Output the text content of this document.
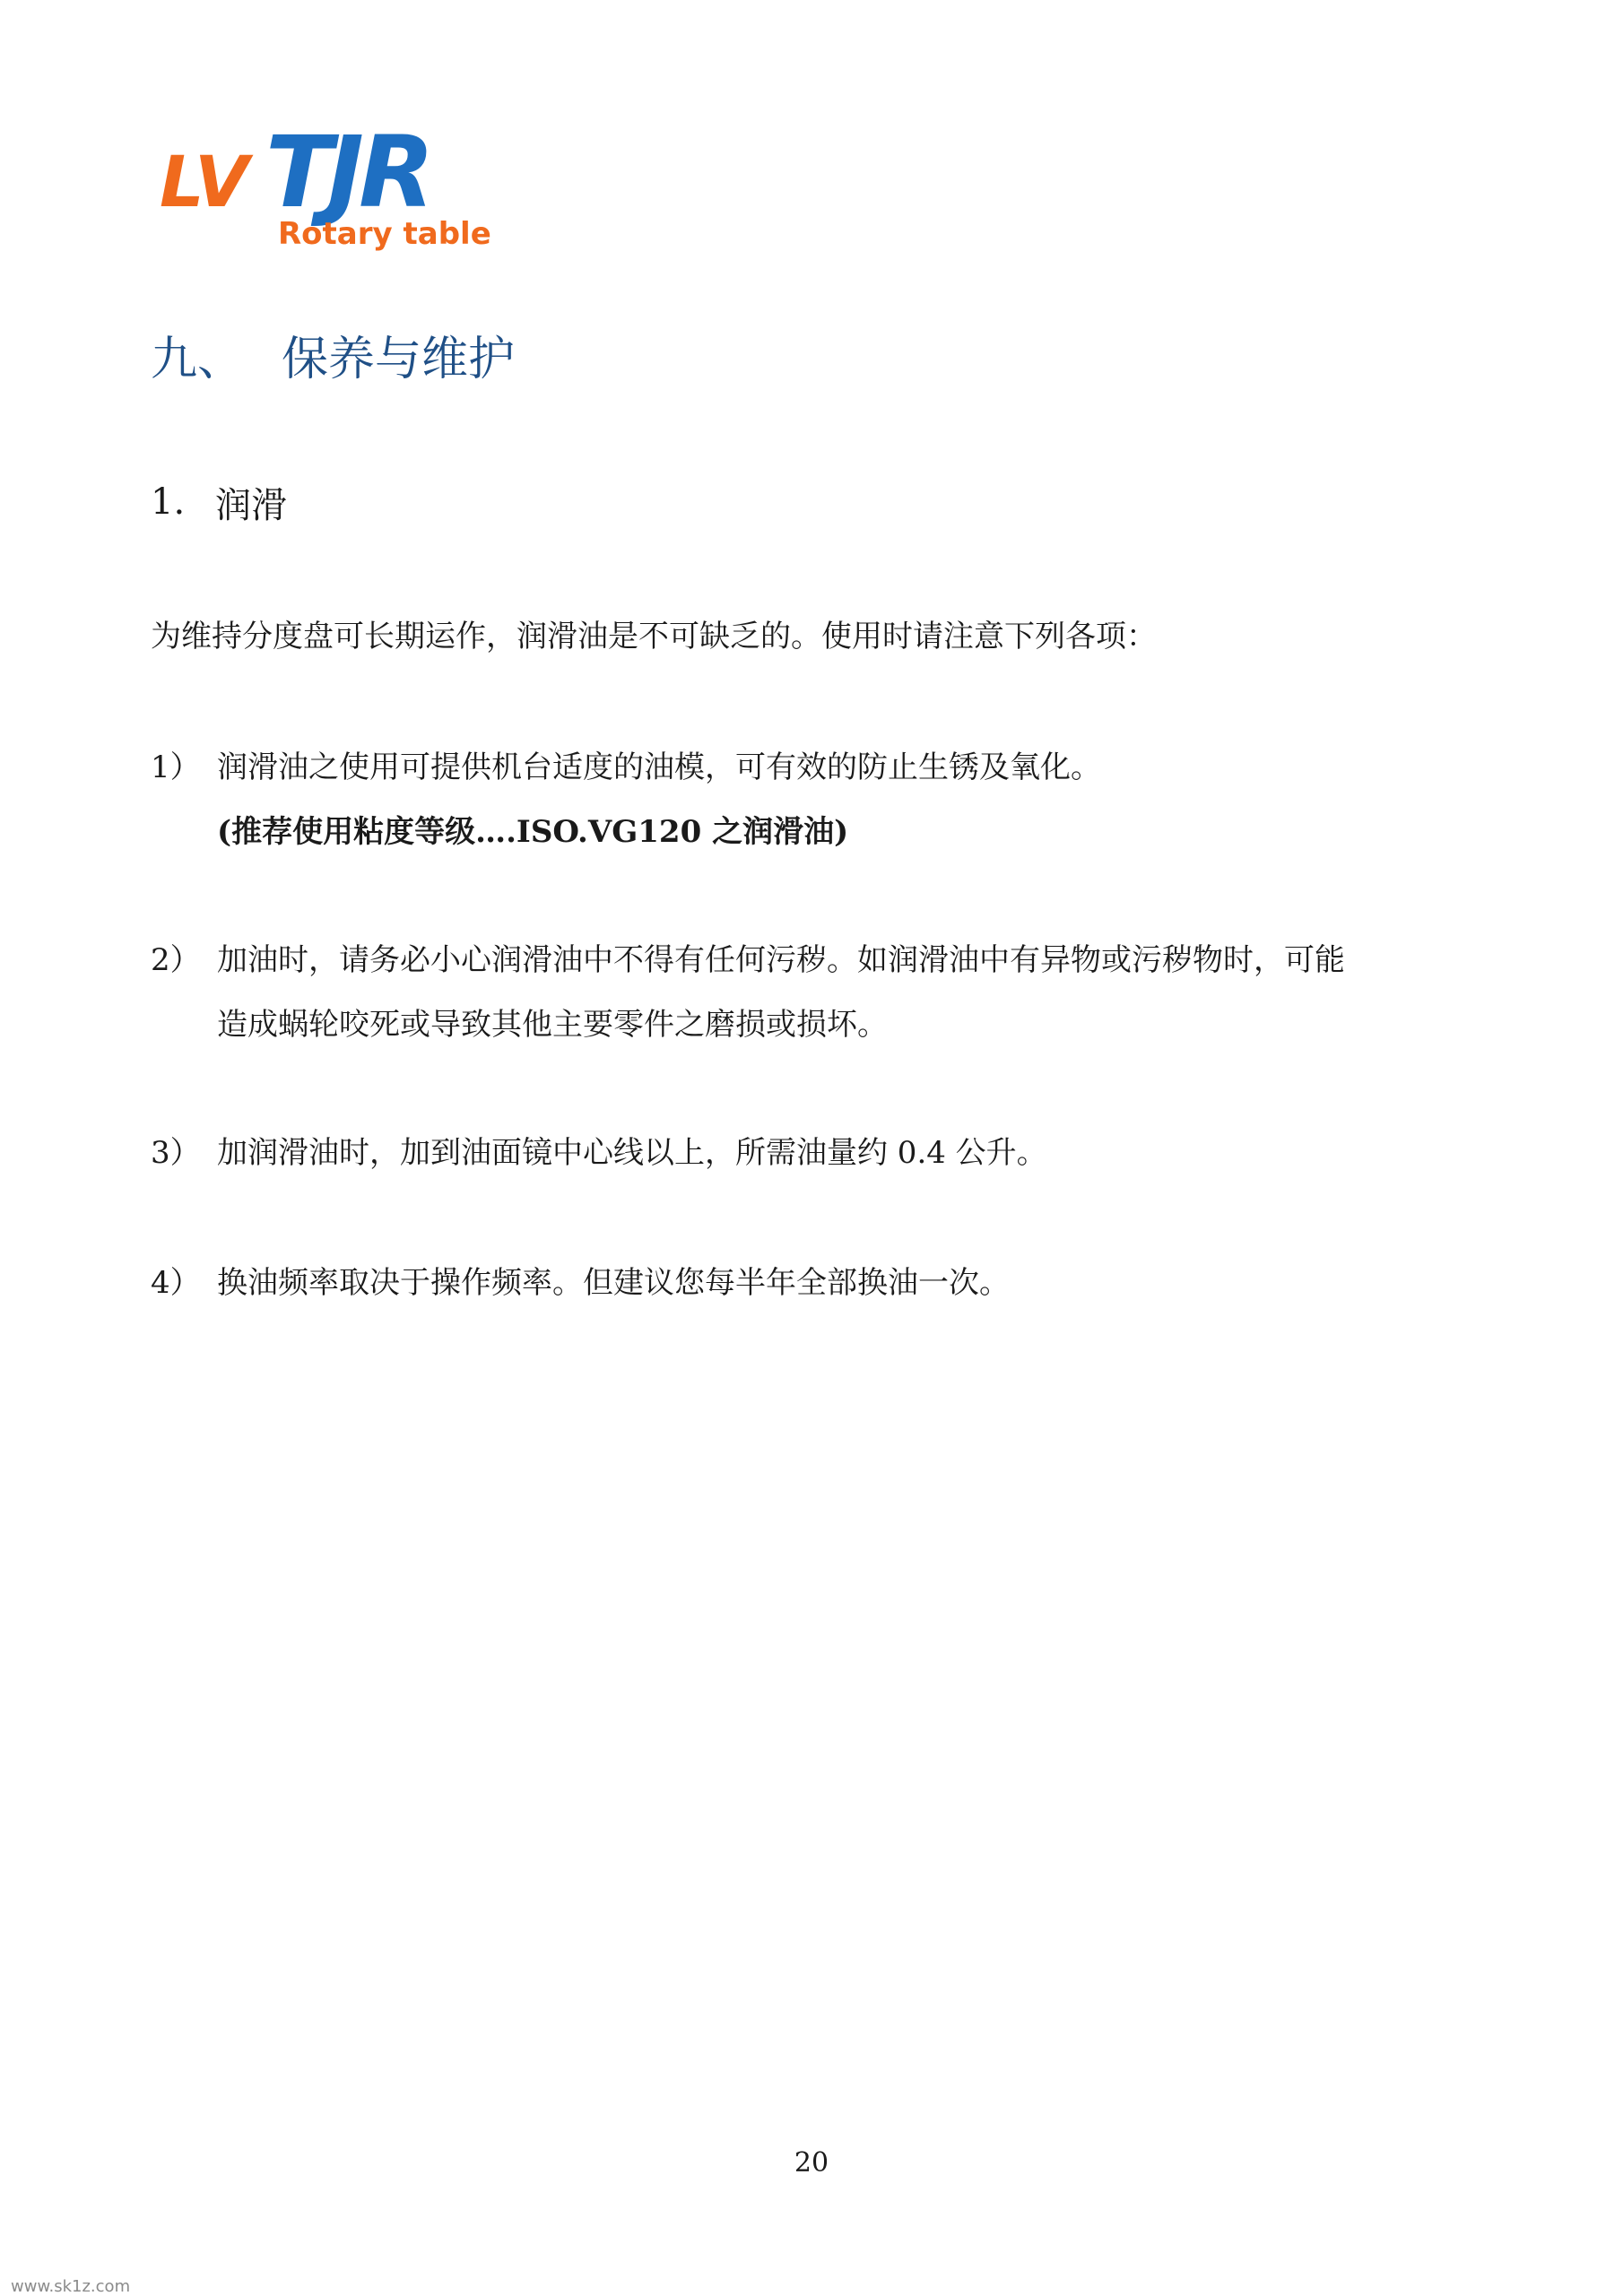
LV TJR
Rotary table
九、 保养与维护
1. 润滑
为维持分度盘可长期运作，润滑油是不可缺乏的。使用时请注意下列各项：
1） 润滑油之使用可提供机台适度的油模，可有效的防止生锈及氧化。
(推荐使用粘度等级….ISO.VG120 之润滑油)
2） 加油时，请务必小心润滑油中不得有任何污秽。如润滑油中有异物或污秽物时，可能
造成蜗轮咬死或导致其他主要零件之磨损或损坏。
3） 加润滑油时，加到油面镜中心线以上，所需油量约 0.4 公升。
4） 换油频率取决于操作频率。但建议您每半年全部换油一次。
20
www.sk1z.com
